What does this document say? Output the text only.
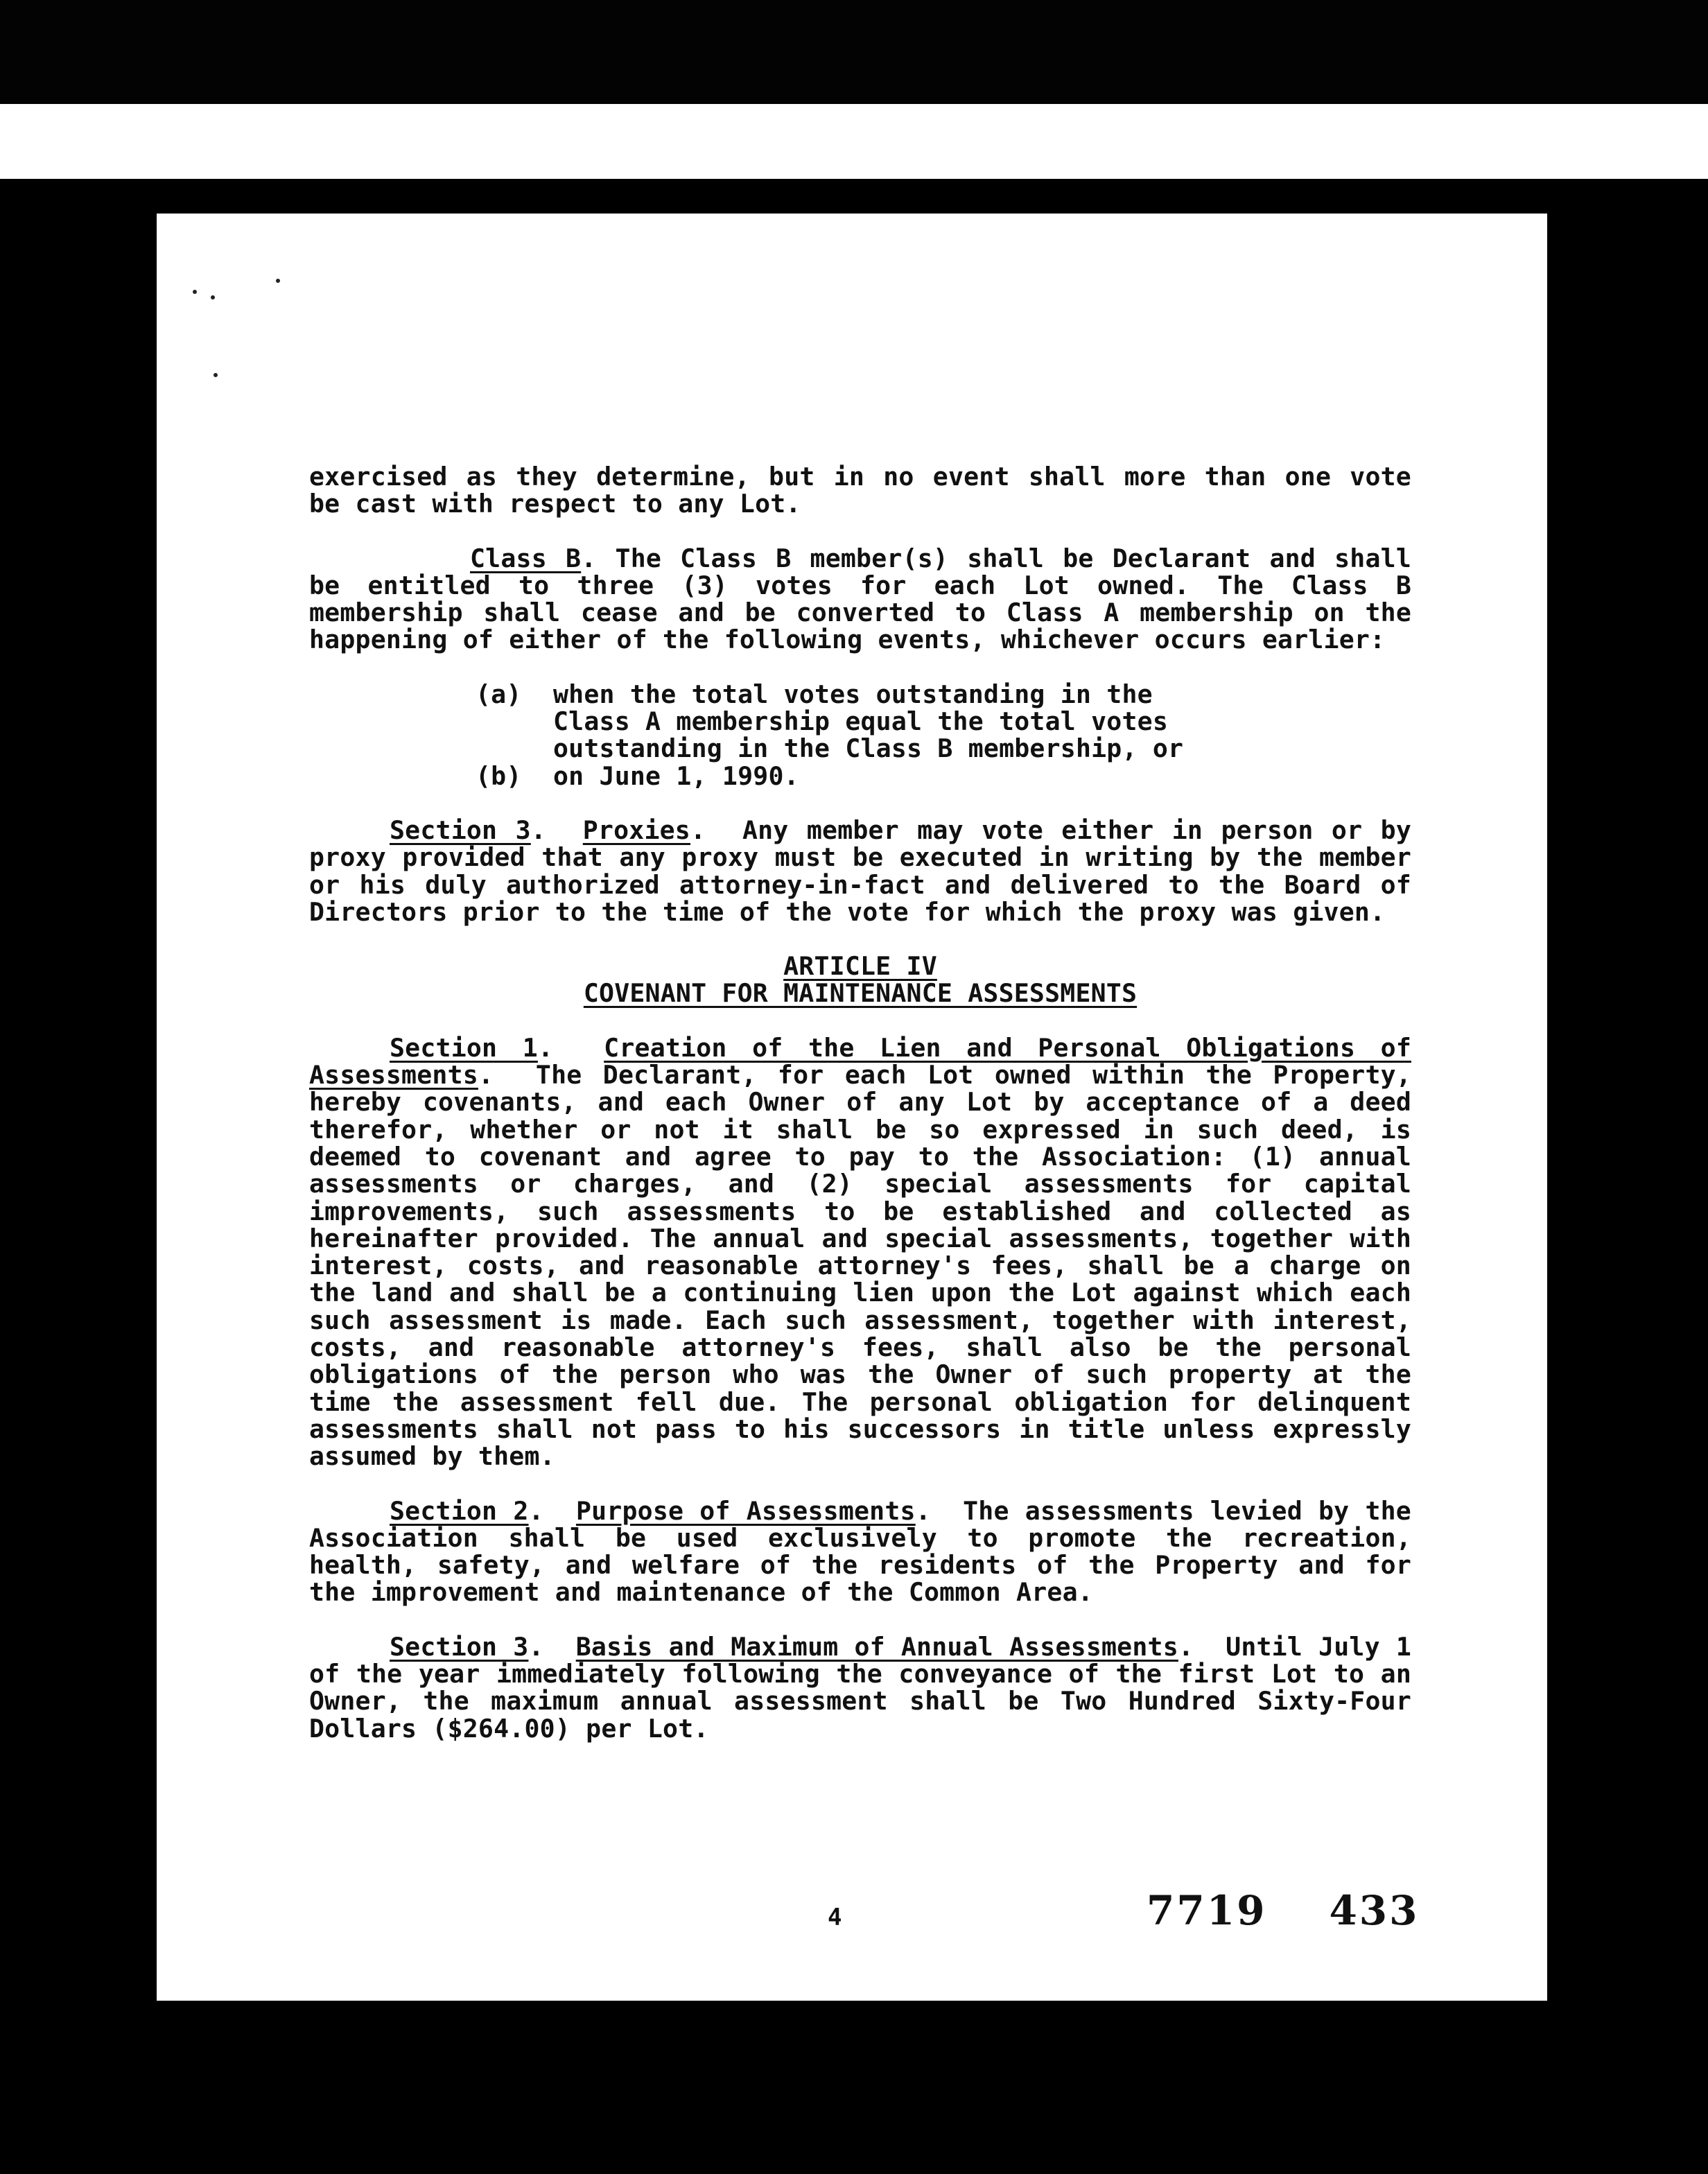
exercised as they determine, but in no event shall more than one vote be cast with respect to any Lot.

Class B. The Class B member(s) shall be Declarant and shall be entitled to three (3) votes for each Lot owned. The Class B membership shall cease and be converted to Class A membership on the happening of either of the following events, whichever occurs earlier:

(a)	when the total votes outstanding in the Class A membership equal the total votes outstanding in the Class B membership, or
(b)	on June 1, 1990.

Section 3.  Proxies.  Any member may vote either in person or by proxy provided that any proxy must be executed in writing by the member or his duly authorized attorney-in-fact and delivered to the Board of Directors prior to the time of the vote for which the proxy was given.

ARTICLE IV
COVENANT FOR MAINTENANCE ASSESSMENTS

Section 1.  Creation of the Lien and Personal Obligations of Assessments.  The Declarant, for each Lot owned within the Property, hereby covenants, and each Owner of any Lot by acceptance of a deed therefor, whether or not it shall be so expressed in such deed, is deemed to covenant and agree to pay to the Association: (1) annual assessments or charges, and (2) special assessments for capital improvements, such assessments to be established and collected as hereinafter provided. The annual and special assessments, together with interest, costs, and reasonable attorney's fees, shall be a charge on the land and shall be a continuing lien upon the Lot against which each such assessment is made. Each such assessment, together with interest, costs, and reasonable attorney's fees, shall also be the personal obligations of the person who was the Owner of such property at the time the assessment fell due. The personal obligation for delinquent assessments shall not pass to his successors in title unless expressly assumed by them.

Section 2.  Purpose of Assessments.  The assessments levied by the Association shall be used exclusively to promote the recreation, health, safety, and welfare of the residents of the Property and for the improvement and maintenance of the Common Area.

Section 3.  Basis and Maximum of Annual Assessments.  Until July 1 of the year immediately following the conveyance of the first Lot to an Owner, the maximum annual assessment shall be Two Hundred Sixty-Four Dollars ($264.00) per Lot.

4	7719 433
